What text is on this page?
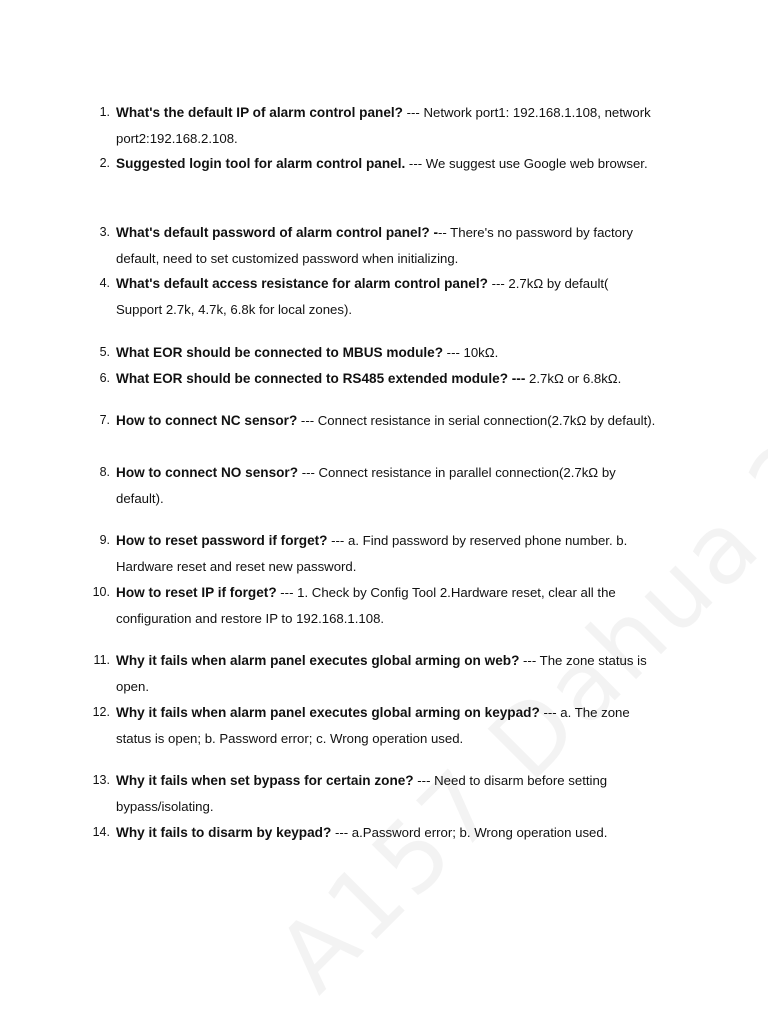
1. What's the default IP of alarm control panel? --- Network port1: 192.168.1.108, network port2:192.168.2.108.
2. Suggested login tool for alarm control panel. --- We suggest use Google web browser.
3. What's default password of alarm control panel? --- There's no password by factory default, need to set customized password when initializing.
4. What's default access resistance for alarm control panel? --- 2.7kΩ by default( Support 2.7k, 4.7k, 6.8k for local zones).
5. What EOR should be connected to MBUS module? --- 10kΩ.
6. What EOR should be connected to RS485 extended module? --- 2.7kΩ or 6.8kΩ.
7. How to connect NC sensor? --- Connect resistance in serial connection(2.7kΩ by default).
8. How to connect NO sensor? --- Connect resistance in parallel connection(2.7kΩ by default).
9. How to reset password if forget? --- a. Find password by reserved phone number. b. Hardware reset and reset new password.
10. How to reset IP if forget? --- 1. Check by Config Tool 2.Hardware reset, clear all the configuration and restore IP to 192.168.1.108.
11. Why it fails when alarm panel executes global arming on web? --- The zone status is open.
12. Why it fails when alarm panel executes global arming on keypad? --- a. The zone status is open; b. Password error; c. Wrong operation used.
13. Why it fails when set bypass for certain zone? --- Need to disarm before setting bypass/isolating.
14. Why it fails to disarm by keypad? --- a.Password error; b. Wrong operation used.
